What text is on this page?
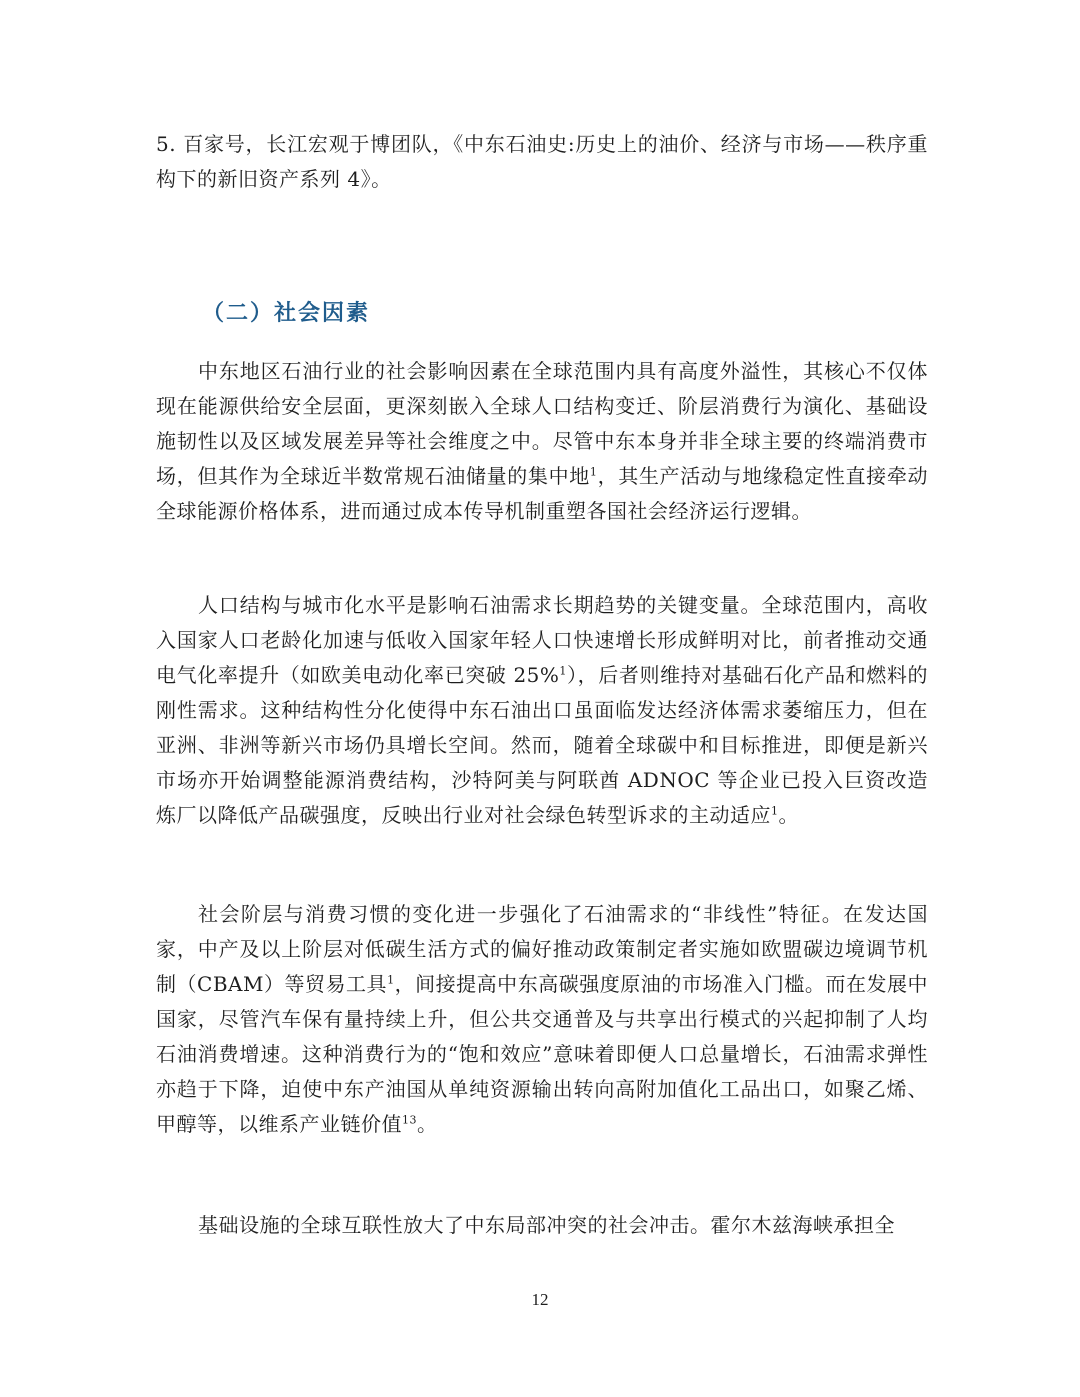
5. 百家号，长江宏观于博团队，《中东石油史:历史上的油价、经济与市场——秩序重构下的新旧资产系列 4》。

（二）社会因素

中东地区石油行业的社会影响因素在全球范围内具有高度外溢性，其核心不仅体现在能源供给安全层面，更深刻嵌入全球人口结构变迁、阶层消费行为演化、基础设施韧性以及区域发展差异等社会维度之中。尽管中东本身并非全球主要的终端消费市场，但其作为全球近半数常规石油储量的集中地$^1$，其生产活动与地缘稳定性直接牵动全球能源价格体系，进而通过成本传导机制重塑各国社会经济运行逻辑。

人口结构与城市化水平是影响石油需求长期趋势的关键变量。全球范围内，高收入国家人口老龄化加速与低收入国家年轻人口快速增长形成鲜明对比，前者推动交通电气化率提升（如欧美电动化率已突破 25%$^1$），后者则维持对基础石化产品和燃料的刚性需求。这种结构性分化使得中东石油出口虽面临发达经济体需求萎缩压力，但在亚洲、非洲等新兴市场仍具增长空间。然而，随着全球碳中和目标推进，即便是新兴市场亦开始调整能源消费结构，沙特阿美与阿联酋 ADNOC 等企业已投入巨资改造炼厂以降低产品碳强度，反映出行业对社会绿色转型诉求的主动适应$^1$。

社会阶层与消费习惯的变化进一步强化了石油需求的“非线性”特征。在发达国家，中产及以上阶层对低碳生活方式的偏好推动政策制定者实施如欧盟碳边境调节机制（CBAM）等贸易工具$^1$，间接提高中东高碳强度原油的市场准入门槛。而在发展中国家，尽管汽车保有量持续上升，但公共交通普及与共享出行模式的兴起抑制了人均石油消费增速。这种消费行为的“饱和效应”意味着即便人口总量增长，石油需求弹性亦趋于下降，迫使中东产油国从单纯资源输出转向高附加值化工品出口，如聚乙烯、甲醇等，以维系产业链价值$^{13}$。

基础设施的全球互联性放大了中东局部冲突的社会冲击。霍尔木兹海峡承担全

12
